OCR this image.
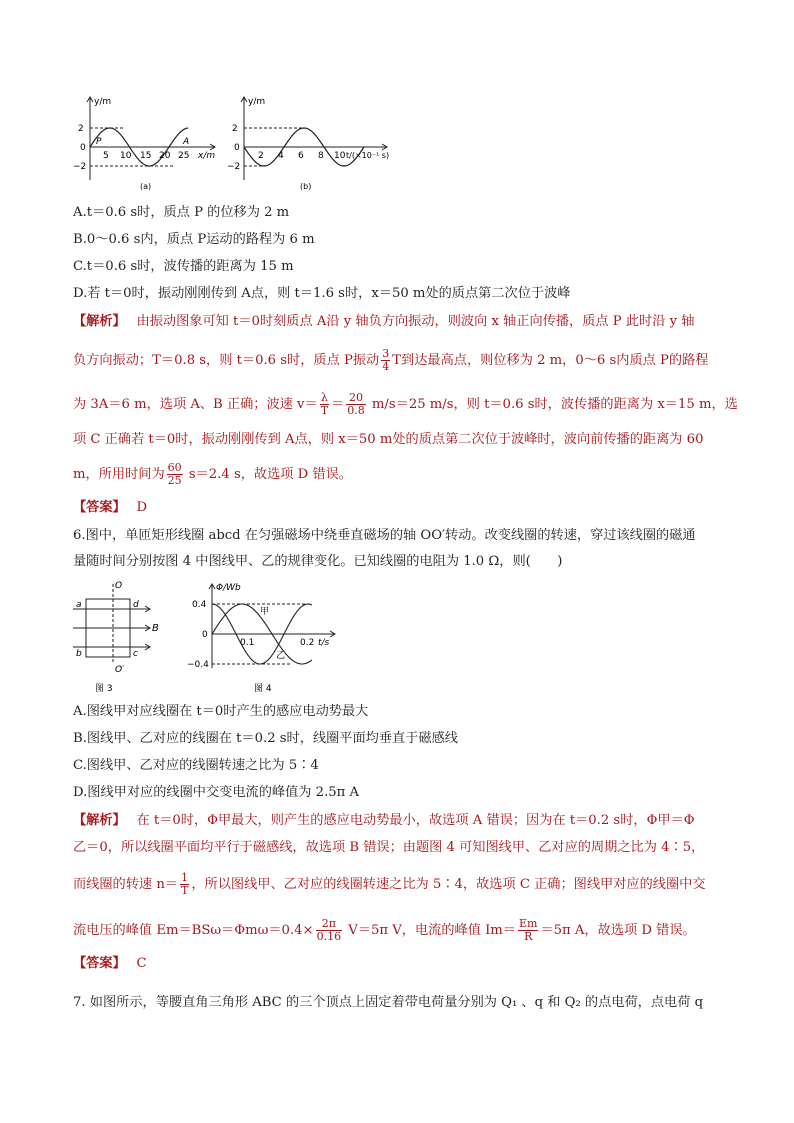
y/m
2
0
−2
5 10 15 20 25 x/m
P	A
(a)
y/m
2
0
−2
2 4 6 8 10 t/(×10⁻¹ s)
(b)
A.t＝0.6 s时，质点 P 的位移为 2 m
B.0～0.6 s内，质点 P运动的路程为 6 m
C.t＝0.6 s时，波传播的距离为 15 m
D.若 t＝0时，振动刚刚传到 A点，则 t＝1.6 s时，x＝50 m处的质点第二次位于波峰
【解析】　 由振动图象可知 t＝0时刻质点 A沿 y 轴负方向振动，则波向 x 轴正向传播，质点 P 此时沿 y 轴
负方向振动；T＝0.8 s，则 t＝0.6 s时，质点 P振动 $\frac{3}{4}$ T到达最高点，则位移为 2 m，0～6 s内质点 P的路程
为 3A＝6 m，选项 A、B 正确；波速 $v= \frac{\lambda}{T} = \frac{20}{0.8} m/s=25$ m/s，则 t＝0.6 s时，波传播的距离为 x＝15 m，选
项 C 正确若 t＝0时，振动刚刚传到 A点，则 x＝50 m处的质点第二次位于波峰时，波向前传播的距离为 60
m，所用时间为 $\frac{60}{25} s=2.4$ s，故选项 D 错误。
【答案】　 D
6.图中，单匝矩形线圈 abcd 在匀强磁场中绕垂直磁场的轴 OO′转动。改变线圈的转速，穿过该线圈的磁通
量随时间分别按图 4 中图线甲、乙的规律变化。已知线圈的电阻为 1.0 Ω，则(　　)
O
a	d
B
b	c
O′
图 3
Φ/Wb
0.4
0
−0.4
0.1	0.2 t/s
甲
乙
图 4
A.图线甲对应线圈在 t＝0时产生的感应电动势最大
B.图线甲、乙对应的线圈在 t＝0.2 s时，线圈平面均垂直于磁感线
C.图线甲、乙对应的线圈转速之比为 5∶4
D.图线甲对应的线圈中交变电流的峰值为 2.5π A
【解析】　 在 t＝0时，Φ甲最大，则产生的感应电动势最小，故选项 A 错误；因为在 t＝0.2 s时，Φ甲＝Φ
乙＝0，所以线圈平面均平行于磁感线，故选项 B 错误；由题图 4 可知图线甲、乙对应的周期之比为 4∶5，
而线圈的转速 $n= \frac{1}{T}$ ，所以图线甲、乙对应的线圈转速之比为 5∶4，故选项 C 正确；图线甲对应的线圈中交
流电压的峰值 $Em=BS\omega=\Phi m\omega=0.4\times \frac{2\pi}{0.16} V=5\pi$ V，电流的峰值 $Im= \frac{Em}{R} =5\pi$ A，故选项 D 错误。
【答案】　 C
7. 如图所示，等腰直角三角形 ABC 的三个顶点上固定着带电荷量分别为 Q₁ 、q 和 Q₂ 的点电荷，点电荷 q
